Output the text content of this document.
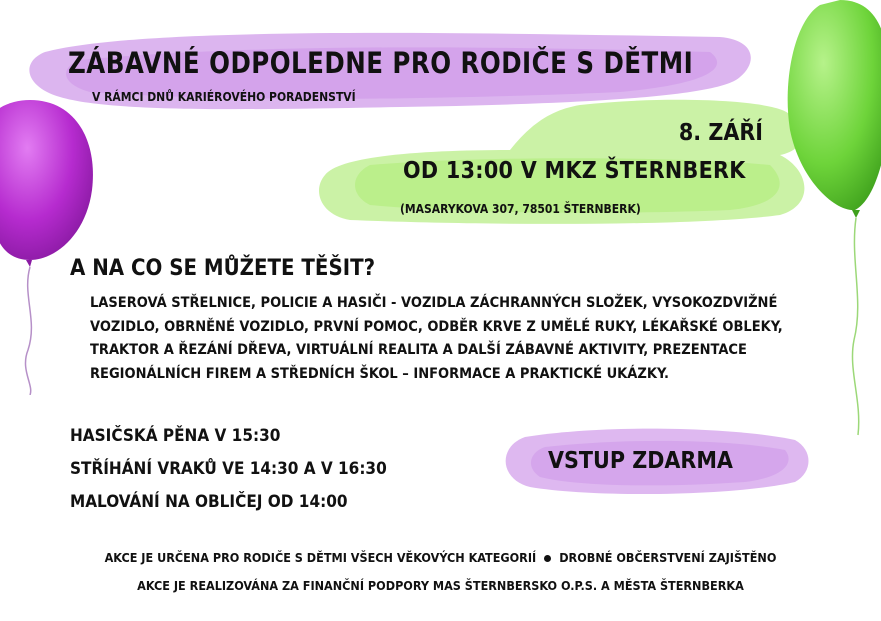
ZÁBAVNÉ ODPOLEDNE PRO RODIČE S DĚTMI
V RÁMCI DNŮ KARIÉROVÉHO PORADENSTVÍ
8. ZÁŘÍ
OD 13:00 V MKZ ŠTERNBERK
(MASARYKOVA 307, 78501 ŠTERNBERK)
A NA CO SE MŮŽETE TĚŠIT?
LASEROVÁ STŘELNICE, POLICIE A HASIČI - VOZIDLA ZÁCHRANNÝCH SLOŽEK, VYSOKOZDVIŽNÉ
VOZIDLO, OBRNĚNÉ VOZIDLO, PRVNÍ POMOC, ODBĚR KRVE Z UMĚLÉ RUKY, LÉKAŘSKÉ OBLEKY,
TRAKTOR A ŘEZÁNÍ DŘEVA, VIRTUÁLNÍ REALITA A DALŠÍ ZÁBAVNÉ AKTIVITY, PREZENTACE
REGIONÁLNÍCH FIREM A STŘEDNÍCH ŠKOL – INFORMACE A PRAKTICKÉ UKÁZKY.
HASIČSKÁ PĚNA V 15:30
STŘÍHÁNÍ VRAKŮ VE 14:30 A V 16:30
MALOVÁNÍ NA OBLIČEJ OD 14:00
VSTUP ZDARMA
AKCE JE URČENA PRO RODIČE S DĚTMI VŠECH VĚKOVÝCH KATEGORIÍ DROBNÉ OBČERSTVENÍ ZAJIŠTĚNO
AKCE JE REALIZOVÁNA ZA FINANČNÍ PODPORY MAS ŠTERNBERSKO O.P.S. A MĚSTA ŠTERNBERKA
